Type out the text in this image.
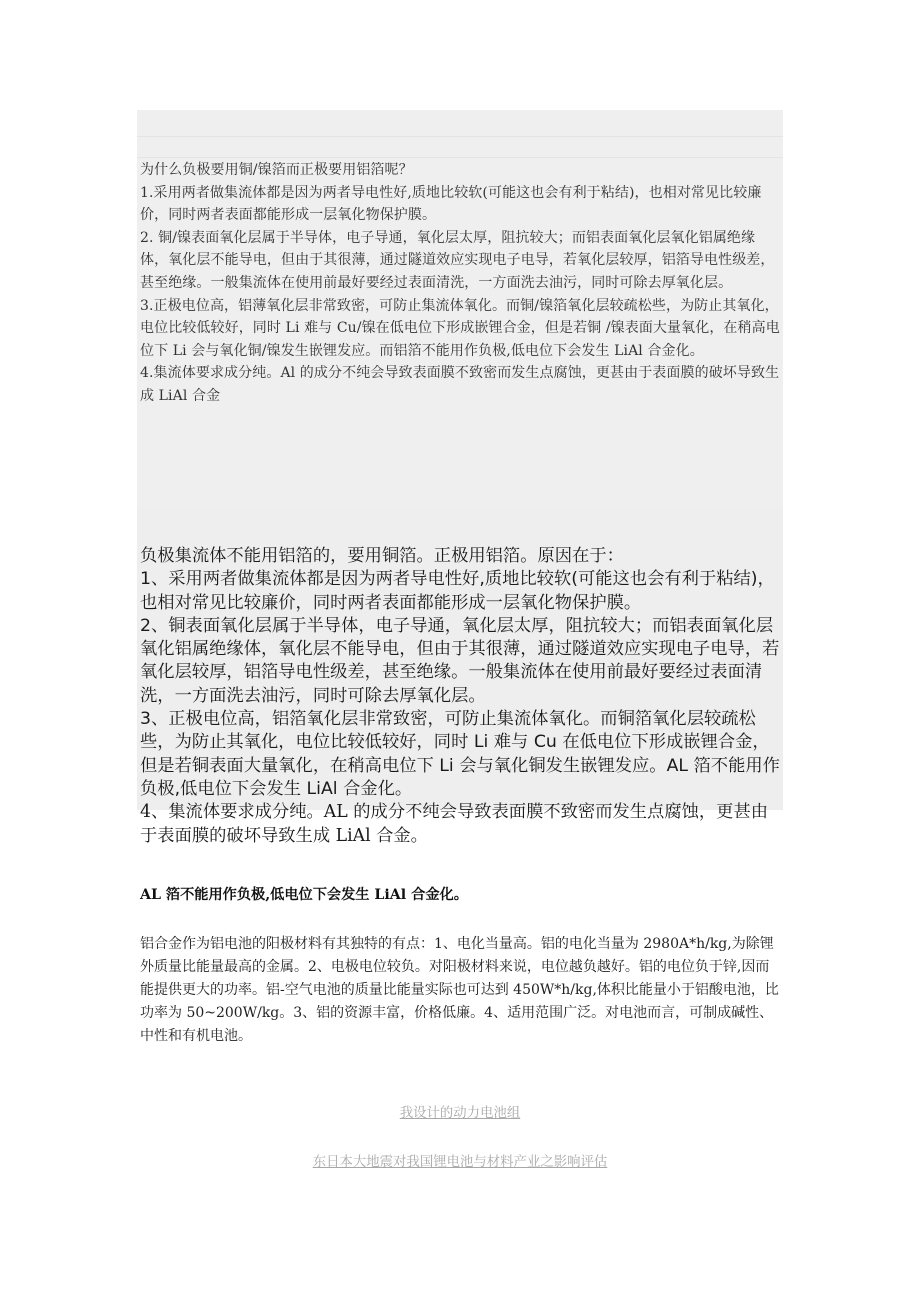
为什么负极要用铜/镍箔而正极要用铝箔呢？

1.采用两者做集流体都是因为两者导电性好,质地比较软(可能这也会有利于粘结)，也相对常见比较廉价，同时两者表面都能形成一层氧化物保护膜。

2. 铜/镍表面氧化层属于半导体，电子导通，氧化层太厚，阻抗较大；而铝表面氧化层氧化铝属绝缘体，氧化层不能导电，但由于其很薄，通过隧道效应实现电子电导，若氧化层较厚，铝箔导电性级差，甚至绝缘。一般集流体在使用前最好要经过表面清洗，一方面洗去油污，同时可除去厚氧化层。

3.正极电位高，铝薄氧化层非常致密，可防止集流体氧化。而铜/镍箔氧化层较疏松些，为防止其氧化，电位比较低较好，同时 Li 难与 Cu/镍在低电位下形成嵌锂合金，但是若铜 /镍表面大量氧化，在稍高电位下 Li 会与氧化铜/镍发生嵌锂发应。而铝箔不能用作负极,低电位下会发生 LiAl 合金化。

4.集流体要求成分纯。Al 的成分不纯会导致表面膜不致密而发生点腐蚀，更甚由于表面膜的破坏导致生成 LiAl 合金

负极集流体不能用铝箔的，要用铜箔。正极用铝箔。原因在于：

1、采用两者做集流体都是因为两者导电性好,质地比较软(可能这也会有利于粘结)，也相对常见比较廉价，同时两者表面都能形成一层氧化物保护膜。

2、铜表面氧化层属于半导体，电子导通，氧化层太厚，阻抗较大；而铝表面氧化层氧化铝属绝缘体，氧化层不能导电，但由于其很薄，通过隧道效应实现电子电导，若氧化层较厚，铝箔导电性级差，甚至绝缘。一般集流体在使用前最好要经过表面清洗，一方面洗去油污，同时可除去厚氧化层。

3、正极电位高，铝箔氧化层非常致密，可防止集流体氧化。而铜箔氧化层较疏松些，为防止其氧化，电位比较低较好，同时 Li 难与 Cu 在低电位下形成嵌锂合金，但是若铜表面大量氧化，在稍高电位下 Li 会与氧化铜发生嵌锂发应。AL 箔不能用作负极,低电位下会发生 LiAl 合金化。

4、集流体要求成分纯。AL 的成分不纯会导致表面膜不致密而发生点腐蚀，更甚由于表面膜的破坏导致生成 LiAl 合金。

AL 箔不能用作负极,低电位下会发生 LiAl 合金化。

铝合金作为铝电池的阳极材料有其独特的有点：1、电化当量高。铝的电化当量为 2980A*h/kg,为除锂外质量比能量最高的金属。2、电极电位较负。对阳极材料来说，电位越负越好。铝的电位负于锌,因而能提供更大的功率。铝-空气电池的质量比能量实际也可达到 450W*h/kg,体积比能量小于铝酸电池，比功率为 50~200W/kg。3、铝的资源丰富，价格低廉。4、适用范围广泛。对电池而言，可制成碱性、中性和有机电池。

我设计的动力电池组
东日本大地震对我国锂电池与材料产业之影响评估
